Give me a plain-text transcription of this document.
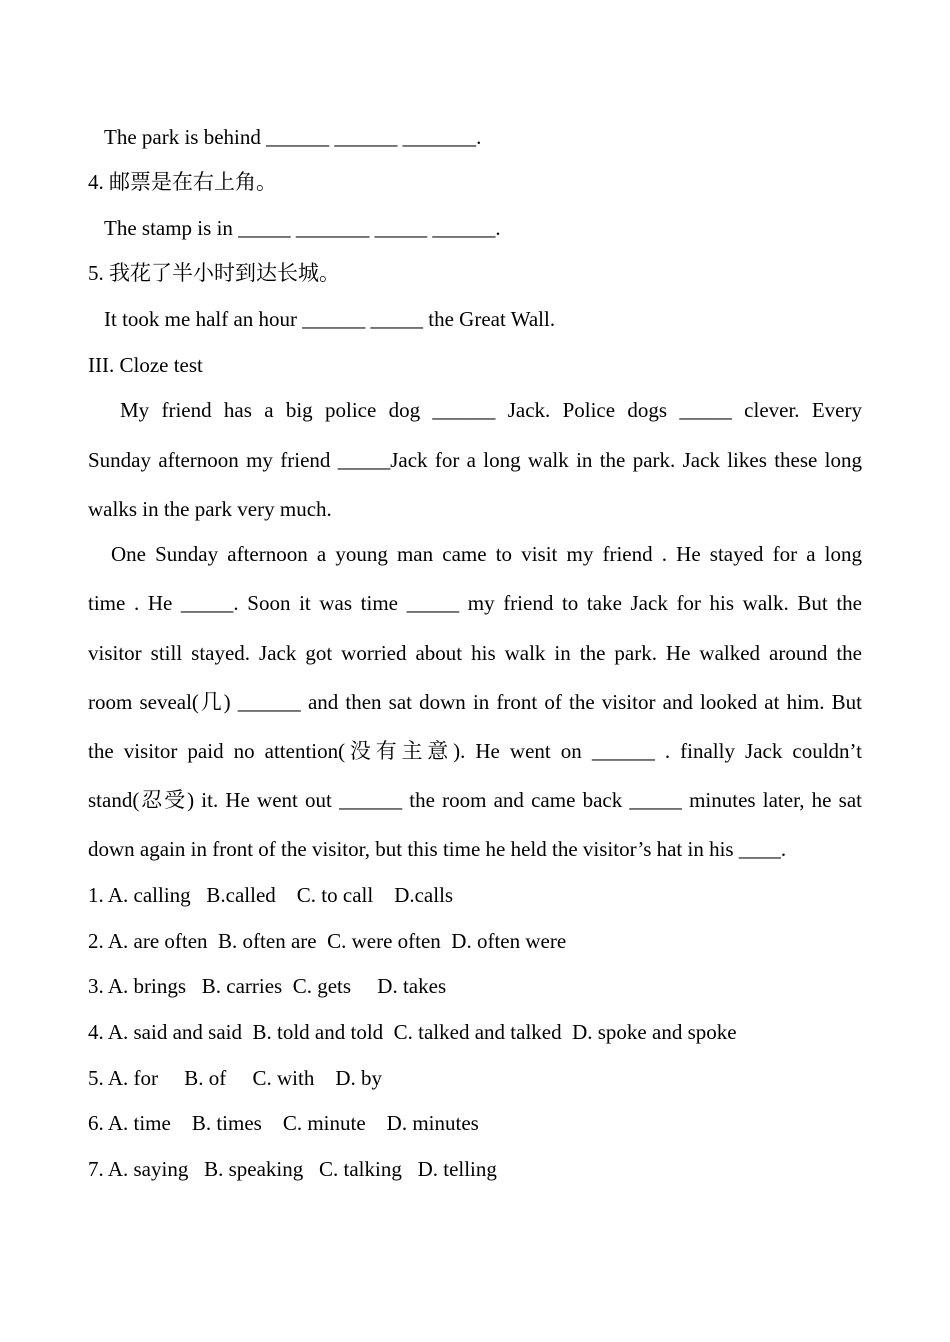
The park is behind ______ ______ _______.
4. 邮票是在右上角。
The stamp is in _____ _______ _____ ______.
5. 我花了半小时到达长城。
It took me half an hour ______ _____ the Great Wall.
III. Cloze test
My friend has a big police dog ______ Jack. Police dogs _____ clever. Every
Sunday afternoon my friend _____Jack for a long walk in the park. Jack likes these long
walks in the park very much.
One Sunday afternoon a young man came to visit my friend . He stayed for a long
time . He _____. Soon it was time _____ my friend to take Jack for his walk. But the
visitor still stayed. Jack got worried about his walk in the park. He walked around the
room seveal(几) ______ and then sat down in front of the visitor and looked at him. But
the visitor paid no attention(没有主意). He went on ______ . finally Jack couldn’t
stand(忍受) it. He went out ______ the room and came back _____ minutes later, he sat
down again in front of the visitor, but this time he held the visitor’s hat in his ____.
1. A. calling   B.called    C. to call    D.calls
2. A. are often  B. often are  C. were often  D. often were
3. A. brings   B. carries  C. gets     D. takes
4. A. said and said  B. told and told  C. talked and talked  D. spoke and spoke
5. A. for     B. of     C. with    D. by
6. A. time    B. times    C. minute    D. minutes
7. A. saying   B. speaking   C. talking   D. telling
